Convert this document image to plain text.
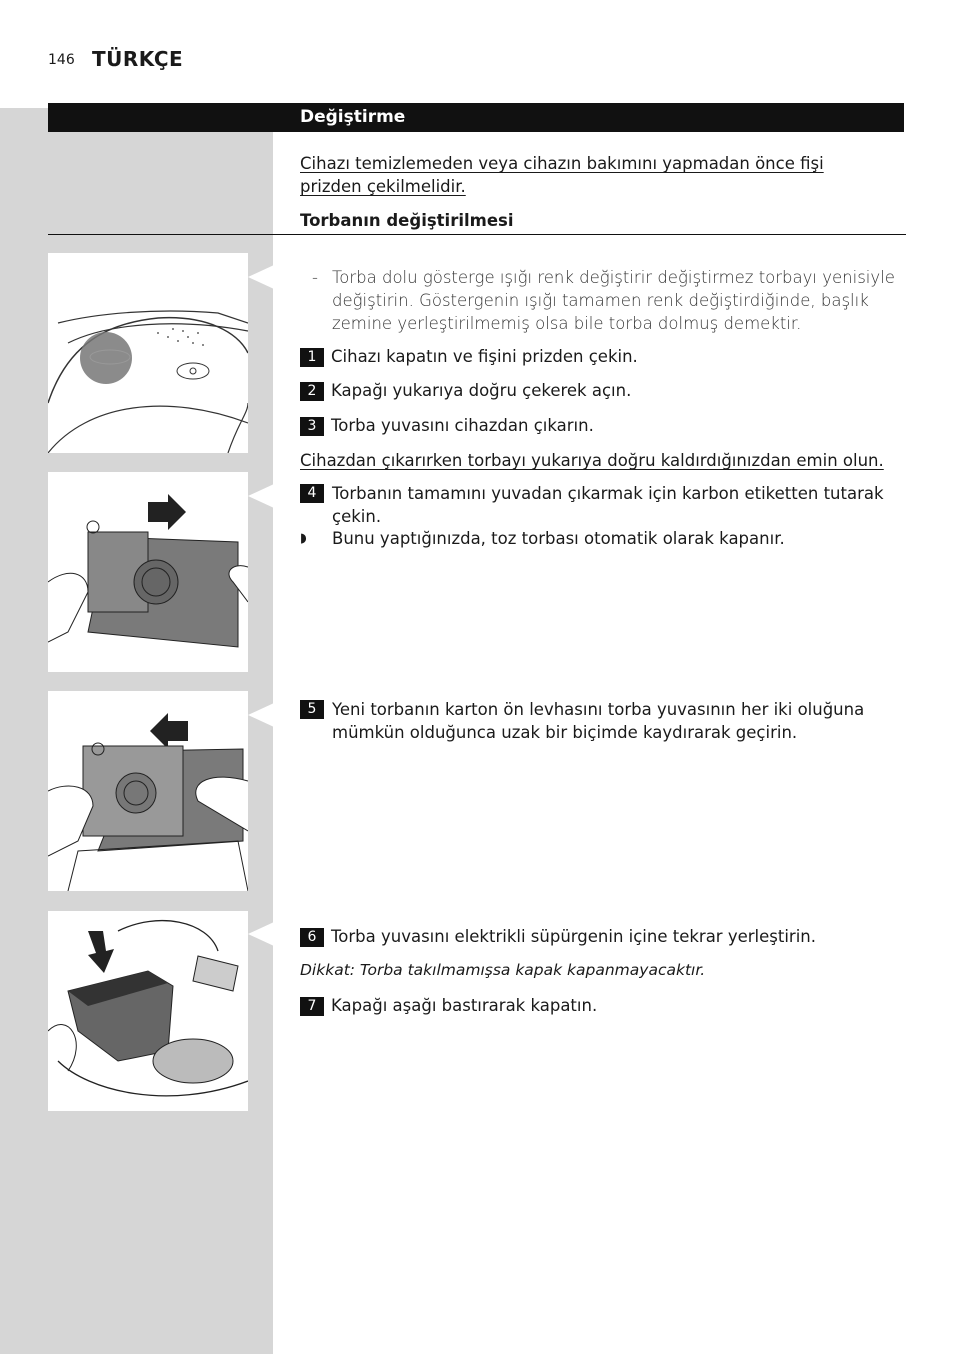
146 TÜRKÇE
Değiştirme
Cihazı temizlemeden veya cihazın bakımını yapmadan önce fişi prizden çekilmelidir.
Torbanın değiştirilmesi
- Torba dolu gösterge ışığı renk değiştirir değiştirmez torbayı yenisiyle değiştirin. Göstergenin ışığı tamamen renk değiştirdiğinde, başlık zemine yerleştirilmemiş olsa bile torba dolmuş demektir.
1 Cihazı kapatın ve fişini prizden çekin.
2 Kapağı yukarıya doğru çekerek açın.
3 Torba yuvasını cihazdan çıkarın.
Cihazdan çıkarırken torbayı yukarıya doğru kaldırdığınızdan emin olun.
4 Torbanın tamamını yuvadan çıkarmak için karbon etiketten tutarak çekin.
◗ Bunu yaptığınızda, toz torbası otomatik olarak kapanır.
5 Yeni torbanın karton ön levhasını torba yuvasının her iki oluğuna mümkün olduğunca uzak bir biçimde kaydırarak geçirin.
6 Torba yuvasını elektrikli süpürgenin içine tekrar yerleştirin.
Dikkat: Torba takılmamışsa kapak kapanmayacaktır.
7 Kapağı aşağı bastırarak kapatın.
